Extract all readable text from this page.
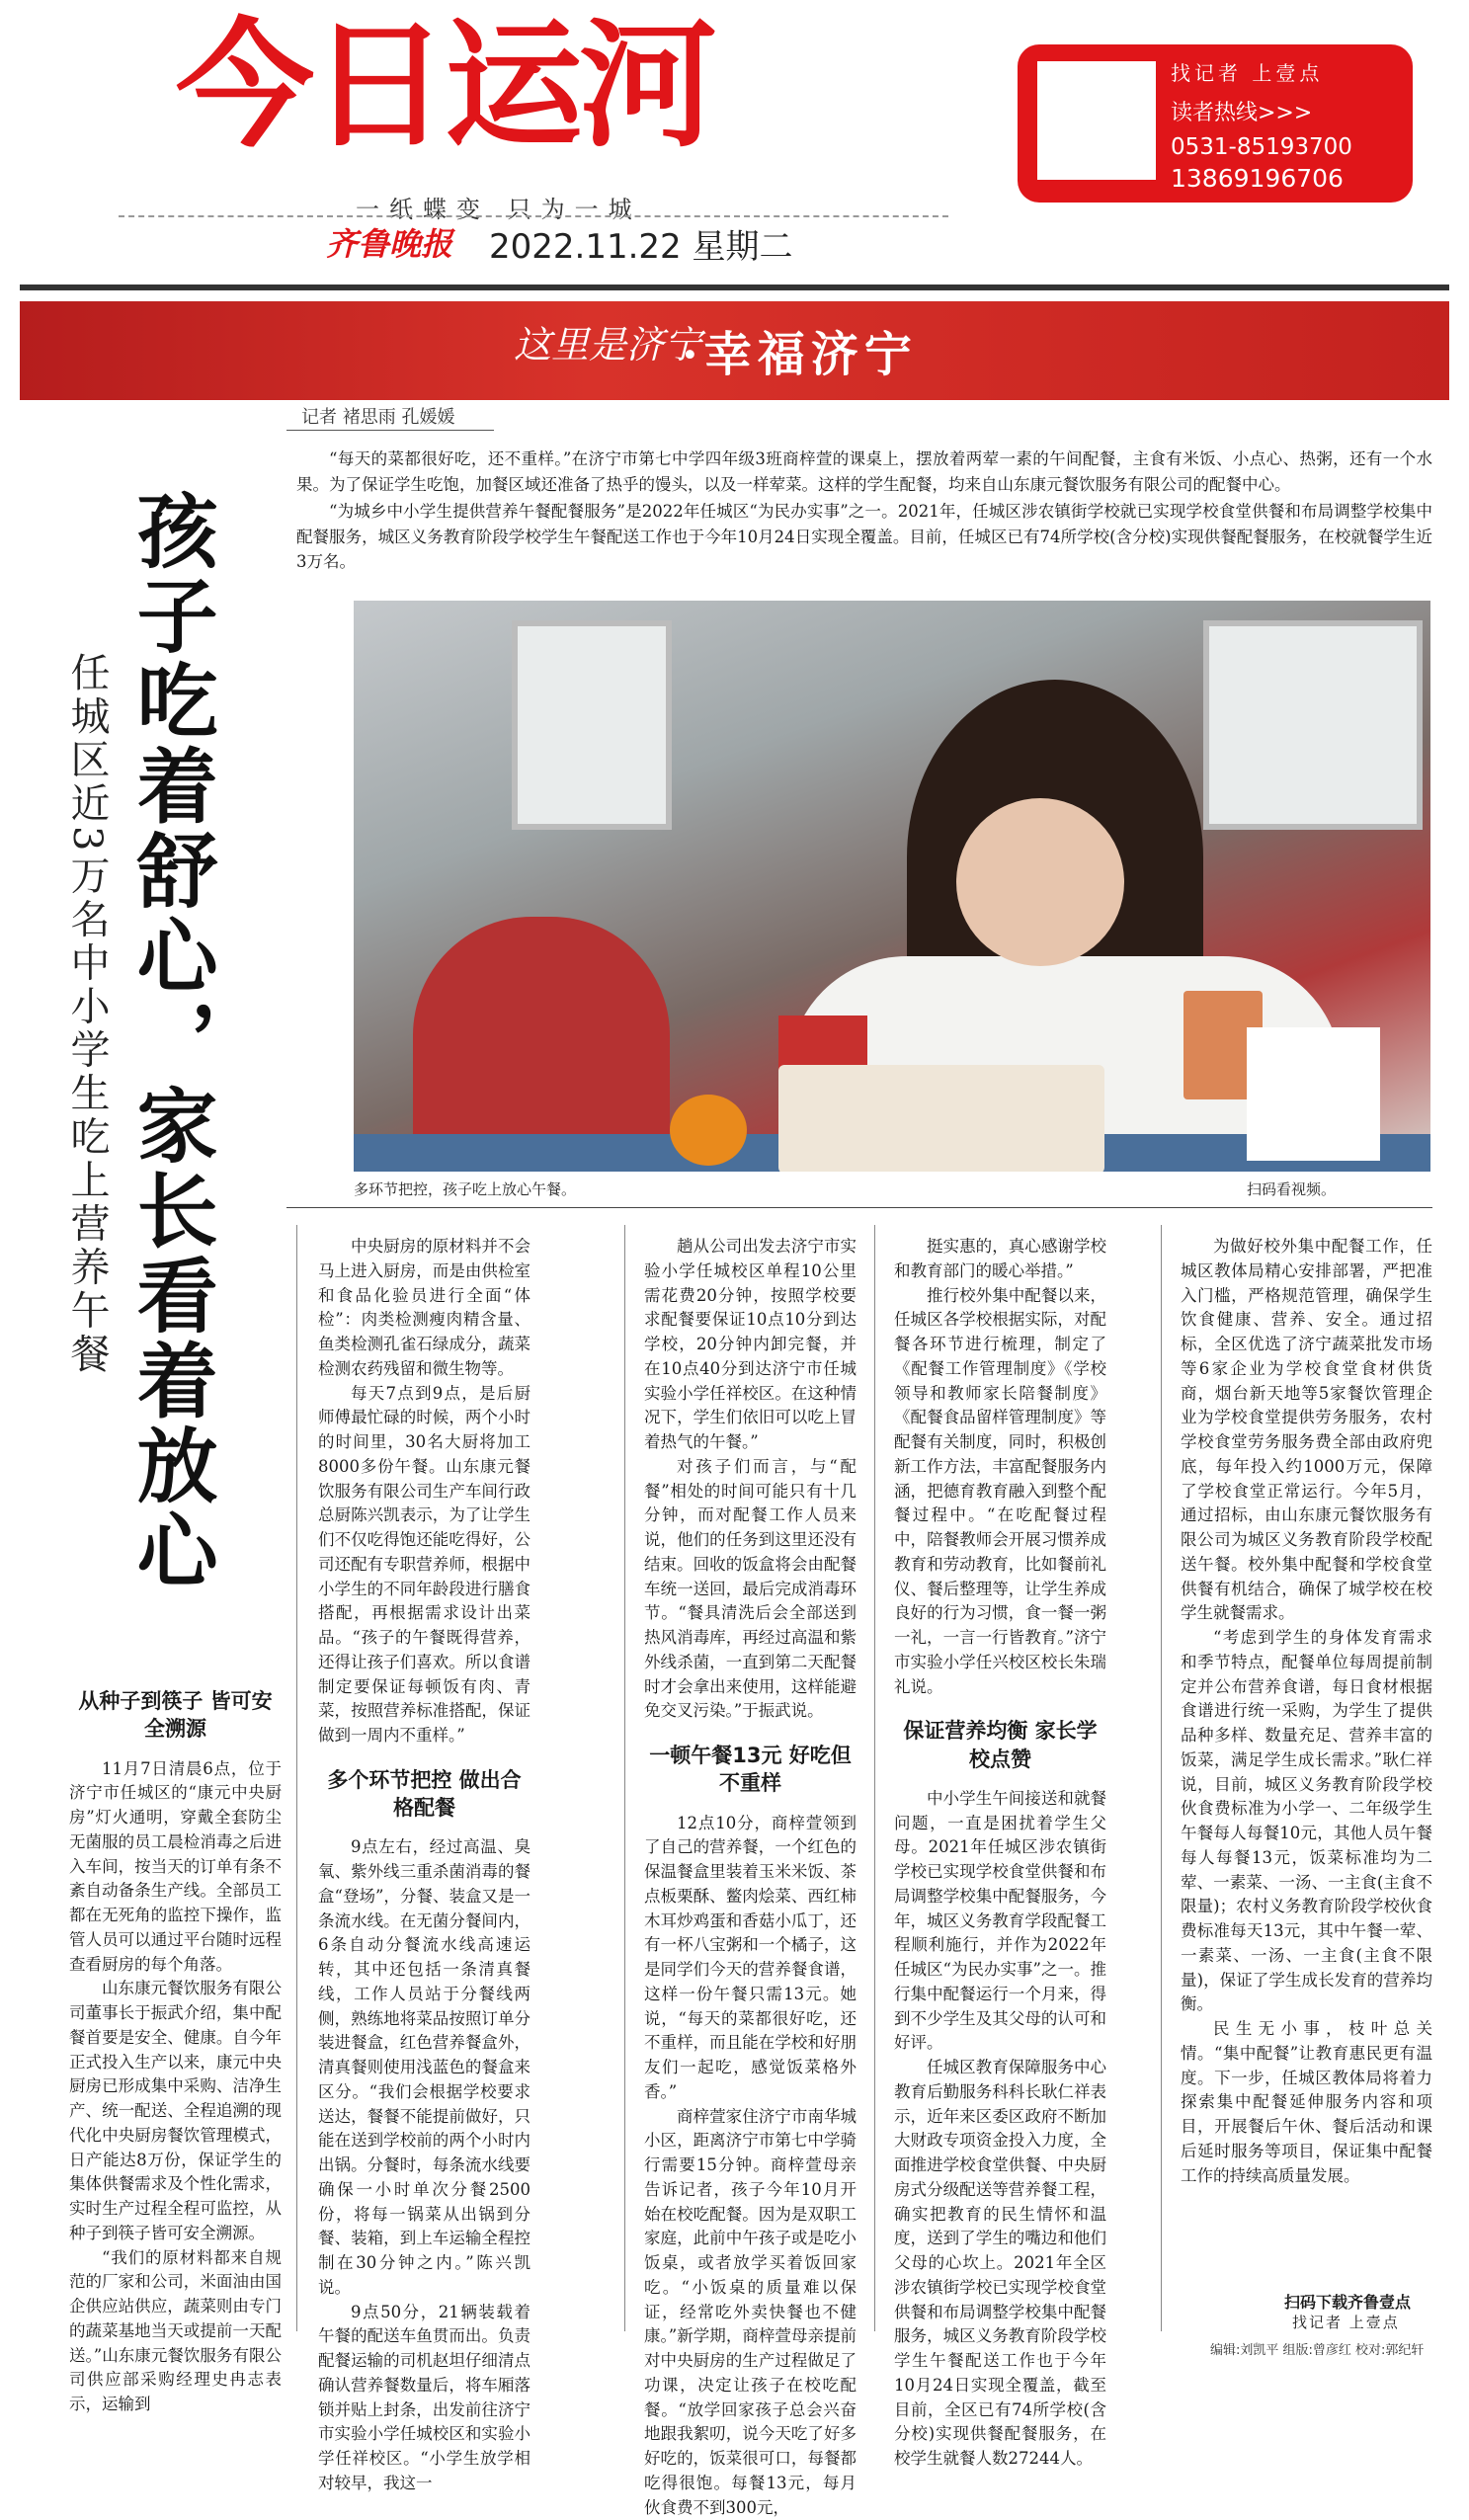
今日运河
一纸蝶变 只为一城
齐鲁晚报 2022.11.22 星期二
找记者 上壹点
读者热线>>>
0531-85193700
13869196706
这里是济宁
·幸福济宁
记者 褚思雨 孔媛媛
孩子吃着舒心，家长看着放心
任城区近3万名中小学生吃上营养午餐

“每天的菜都很好吃，还不重样。”在济宁市第七中学四年级3班商梓萱的课桌上，摆放着两荤一素的午间配餐，主食有米饭、小点心、热粥，还有一个水果。为了保证学生吃饱，加餐区域还准备了热乎的馒头，以及一样荤菜。这样的学生配餐，均来自山东康元餐饮服务有限公司的配餐中心。

“为城乡中小学生提供营养午餐配餐服务”是2022年任城区“为民办实事”之一。2021年，任城区涉农镇街学校就已实现学校食堂供餐和布局调整学校集中配餐服务，城区义务教育阶段学校学生午餐配送工作也于今年10月24日实现全覆盖。目前，任城区已有74所学校(含分校)实现供餐配餐服务，在校就餐学生近3万名。

多环节把控，孩子吃上放心午餐。	扫码看视频。

从种子到筷子 皆可安全溯源

11月7日清晨6点，位于济宁市任城区的“康元中央厨房”灯火通明，穿戴全套防尘无菌服的员工晨检消毒之后进入车间，按当天的订单有条不紊自动备条生产线。全部员工都在无死角的监控下操作，监管人员可以通过平台随时远程查看厨房的每个角落。

山东康元餐饮服务有限公司董事长于振武介绍，集中配餐首要是安全、健康。自今年正式投入生产以来，康元中央厨房已形成集中采购、洁净生产、统一配送、全程追溯的现代化中央厨房餐饮管理模式，日产能达8万份，保证学生的集体供餐需求及个性化需求，实时生产过程全程可监控，从种子到筷子皆可安全溯源。

“我们的原材料都来自规范的厂家和公司，米面油由国企供应站供应，蔬菜则由专门的蔬菜基地当天或提前一天配送。”山东康元餐饮服务有限公司供应部采购经理史冉志表示，运输到

中央厨房的原材料并不会马上进入厨房，而是由供检室和食品化验员进行全面“体检”：肉类检测瘦肉精含量、鱼类检测孔雀石绿成分，蔬菜检测农药残留和微生物等。

每天7点到9点，是后厨师傅最忙碌的时候，两个小时的时间里，30名大厨将加工8000多份午餐。山东康元餐饮服务有限公司生产车间行政总厨陈兴凯表示，为了让学生们不仅吃得饱还能吃得好，公司还配有专职营养师，根据中小学生的不同年龄段进行膳食搭配，再根据需求设计出菜品。“孩子的午餐既得营养，还得让孩子们喜欢。所以食谱制定要保证每顿饭有肉、青菜，按照营养标准搭配，保证做到一周内不重样。”

多个环节把控 做出合格配餐

9点左右，经过高温、臭氧、紫外线三重杀菌消毒的餐盒“登场”，分餐、装盒又是一条流水线。在无菌分餐间内，6条自动分餐流水线高速运转，其中还包括一条清真餐线，工作人员站于分餐线两侧，熟练地将菜品按照订单分装进餐盒，红色营养餐盒外，清真餐则使用浅蓝色的餐盒来区分。“我们会根据学校要求送达，餐餐不能提前做好，只能在送到学校前的两个小时内出锅。分餐时，每条流水线要确保一小时单次分餐2500份，将每一锅菜从出锅到分餐、装箱，到上车运输全程控制在30分钟之内。”陈兴凯说。

9点50分，21辆装载着午餐的配送车鱼贯而出。负责配餐运输的司机赵坦仔细清点确认营养餐数量后，将车厢落锁并贴上封条，出发前往济宁市实验小学任城校区和实验小学任祥校区。“小学生放学相对较早，我这一

趟从公司出发去济宁市实验小学任城校区单程10公里需花费20分钟，按照学校要求配餐要保证10点10分到达学校，20分钟内卸完餐，并在10点40分到达济宁市任城实验小学任祥校区。在这种情况下，学生们依旧可以吃上冒着热气的午餐。”

对孩子们而言，与“配餐”相处的时间可能只有十几分钟，而对配餐工作人员来说，他们的任务到这里还没有结束。回收的饭盒将会由配餐车统一送回，最后完成消毒环节。“餐具清洗后会全部送到热风消毒库，再经过高温和紫外线杀菌，一直到第二天配餐时才会拿出来使用，这样能避免交叉污染。”于振武说。

一顿午餐13元 好吃但不重样

12点10分，商梓萱领到了自己的营养餐，一个红色的保温餐盒里装着玉米米饭、茶点板栗酥、鳖肉烩菜、西红柿木耳炒鸡蛋和香菇小瓜丁，还有一杯八宝粥和一个橘子，这是同学们今天的营养餐食谱，这样一份午餐只需13元。她说，“每天的菜都很好吃，还不重样，而且能在学校和好朋友们一起吃，感觉饭菜格外香。”

商梓萱家住济宁市南华城小区，距离济宁市第七中学骑行需要15分钟。商梓萱母亲告诉记者，孩子今年10月开始在校吃配餐。因为是双职工家庭，此前中午孩子或是吃小饭桌，或者放学买着饭回家吃。“小饭桌的质量难以保证，经常吃外卖快餐也不健康。”新学期，商梓萱母亲提前对中央厨房的生产过程做足了功课，决定让孩子在校吃配餐。“放学回家孩子总会兴奋地跟我絮叨，说今天吃了好多好吃的，饭菜很可口，每餐都吃得很饱。每餐13元，每月伙食费不到300元，

挺实惠的，真心感谢学校和教育部门的暖心举措。”

推行校外集中配餐以来，任城区各学校根据实际，对配餐各环节进行梳理，制定了《配餐工作管理制度》《学校领导和教师家长陪餐制度》《配餐食品留样管理制度》等配餐有关制度，同时，积极创新工作方法，丰富配餐服务内涵，把德育教育融入到整个配餐过程中。“在吃配餐过程中，陪餐教师会开展习惯养成教育和劳动教育，比如餐前礼仪、餐后整理等，让学生养成良好的行为习惯，食一餐一粥一礼，一言一行皆教育。”济宁市实验小学任兴校区校长朱瑞礼说。

保证营养均衡 家长学校点赞

中小学生午间接送和就餐问题，一直是困扰着学生父母。2021年任城区涉农镇街学校已实现学校食堂供餐和布局调整学校集中配餐服务，今年，城区义务教育学段配餐工程顺利施行，并作为2022年任城区“为民办实事”之一。推行集中配餐运行一个月来，得到不少学生及其父母的认可和好评。

任城区教育保障服务中心教育后勤服务科科长耿仁祥表示，近年来区委区政府不断加大财政专项资金投入力度，全面推进学校食堂供餐、中央厨房式分级配送等营养餐工程，确实把教育的民生情怀和温度，送到了学生的嘴边和他们父母的心坎上。2021年全区涉农镇街学校已实现学校食堂供餐和布局调整学校集中配餐服务，城区义务教育阶段学校学生午餐配送工作也于今年10月24日实现全覆盖，截至目前，全区已有74所学校(含分校)实现供餐配餐服务，在校学生就餐人数27244人。

为做好校外集中配餐工作，任城区教体局精心安排部署，严把准入门槛，严格规范管理，确保学生饮食健康、营养、安全。通过招标，全区优选了济宁蔬菜批发市场等6家企业为学校食堂食材供货商，烟台新天地等5家餐饮管理企业为学校食堂提供劳务服务，农村学校食堂劳务服务费全部由政府兜底，每年投入约1000万元，保障了学校食堂正常运行。今年5月，通过招标，由山东康元餐饮服务有限公司为城区义务教育阶段学校配送午餐。校外集中配餐和学校食堂供餐有机结合，确保了城学校在校学生就餐需求。

“考虑到学生的身体发育需求和季节特点，配餐单位每周提前制定并公布营养食谱，每日食材根据食谱进行统一采购，为学生了提供品种多样、数量充足、营养丰富的饭菜，满足学生成长需求。”耿仁祥说，目前，城区义务教育阶段学校伙食费标准为小学一、二年级学生午餐每人每餐10元，其他人员午餐每人每餐13元，饭菜标准均为二荤、一素菜、一汤、一主食(主食不限量)；农村义务教育阶段学校伙食费标准每天13元，其中午餐一荤、一素菜、一汤、一主食(主食不限量)，保证了学生成长发育的营养均衡。

民生无小事，枝叶总关情。“集中配餐”让教育惠民更有温度。下一步，任城区教体局将着力探索集中配餐延伸服务内容和项目，开展餐后午休、餐后活动和课后延时服务等项目，保证集中配餐工作的持续高质量发展。

扫码下载齐鲁壹点
找记者 上壹点
编辑:刘凯平 组版:曾彦红 校对:郭纪轩
